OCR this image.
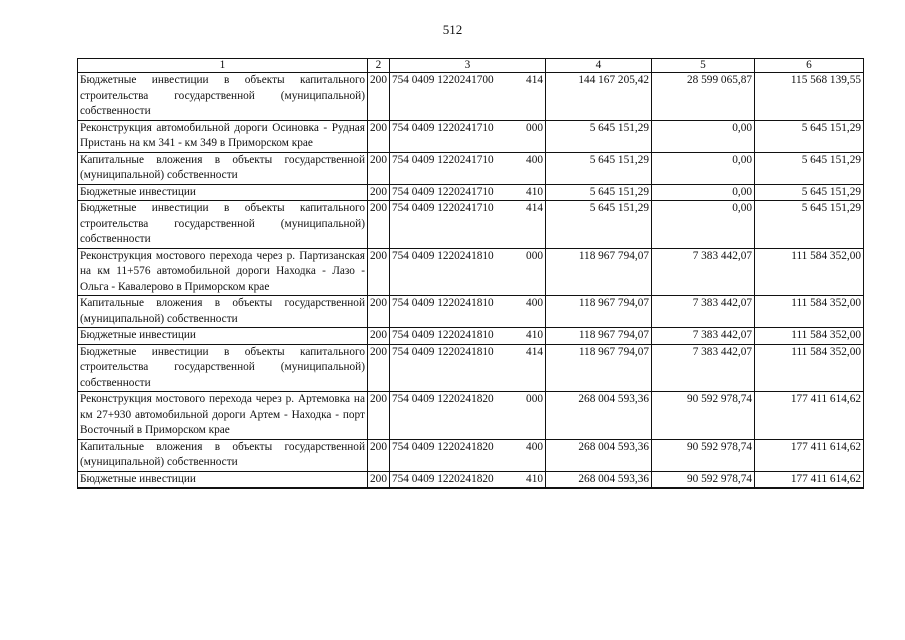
512
1	2	3	4	5	6
Бюджетные инвестиции в объекты капитального строительства государственной (муниципальной) собственности	200	754 0409 1220241700 414	144 167 205,42	28 599 065,87	115 568 139,55
Реконструкция автомобильной дороги Осиновка - Рудная Пристань на км 341 - км 349 в Приморском крае	200	754 0409 1220241710 000	5 645 151,29	0,00	5 645 151,29
Капитальные вложения в объекты государственной (муниципальной) собственности	200	754 0409 1220241710 400	5 645 151,29	0,00	5 645 151,29
Бюджетные инвестиции	200	754 0409 1220241710 410	5 645 151,29	0,00	5 645 151,29
Бюджетные инвестиции в объекты капитального строительства государственной (муниципальной) собственности	200	754 0409 1220241710 414	5 645 151,29	0,00	5 645 151,29
Реконструкция мостового перехода через р. Партизанская на км 11+576 автомобильной дороги Находка - Лазо - Ольга - Кавалерово в Приморском крае	200	754 0409 1220241810 000	118 967 794,07	7 383 442,07	111 584 352,00
Капитальные вложения в объекты государственной (муниципальной) собственности	200	754 0409 1220241810 400	118 967 794,07	7 383 442,07	111 584 352,00
Бюджетные инвестиции	200	754 0409 1220241810 410	118 967 794,07	7 383 442,07	111 584 352,00
Бюджетные инвестиции в объекты капитального строительства государственной (муниципальной) собственности	200	754 0409 1220241810 414	118 967 794,07	7 383 442,07	111 584 352,00
Реконструкция мостового перехода через р. Артемовка на км 27+930 автомобильной дороги Артем - Находка - порт Восточный в Приморском крае	200	754 0409 1220241820 000	268 004 593,36	90 592 978,74	177 411 614,62
Капитальные вложения в объекты государственной (муниципальной) собственности	200	754 0409 1220241820 400	268 004 593,36	90 592 978,74	177 411 614,62
Бюджетные инвестиции	200	754 0409 1220241820 410	268 004 593,36	90 592 978,74	177 411 614,62
